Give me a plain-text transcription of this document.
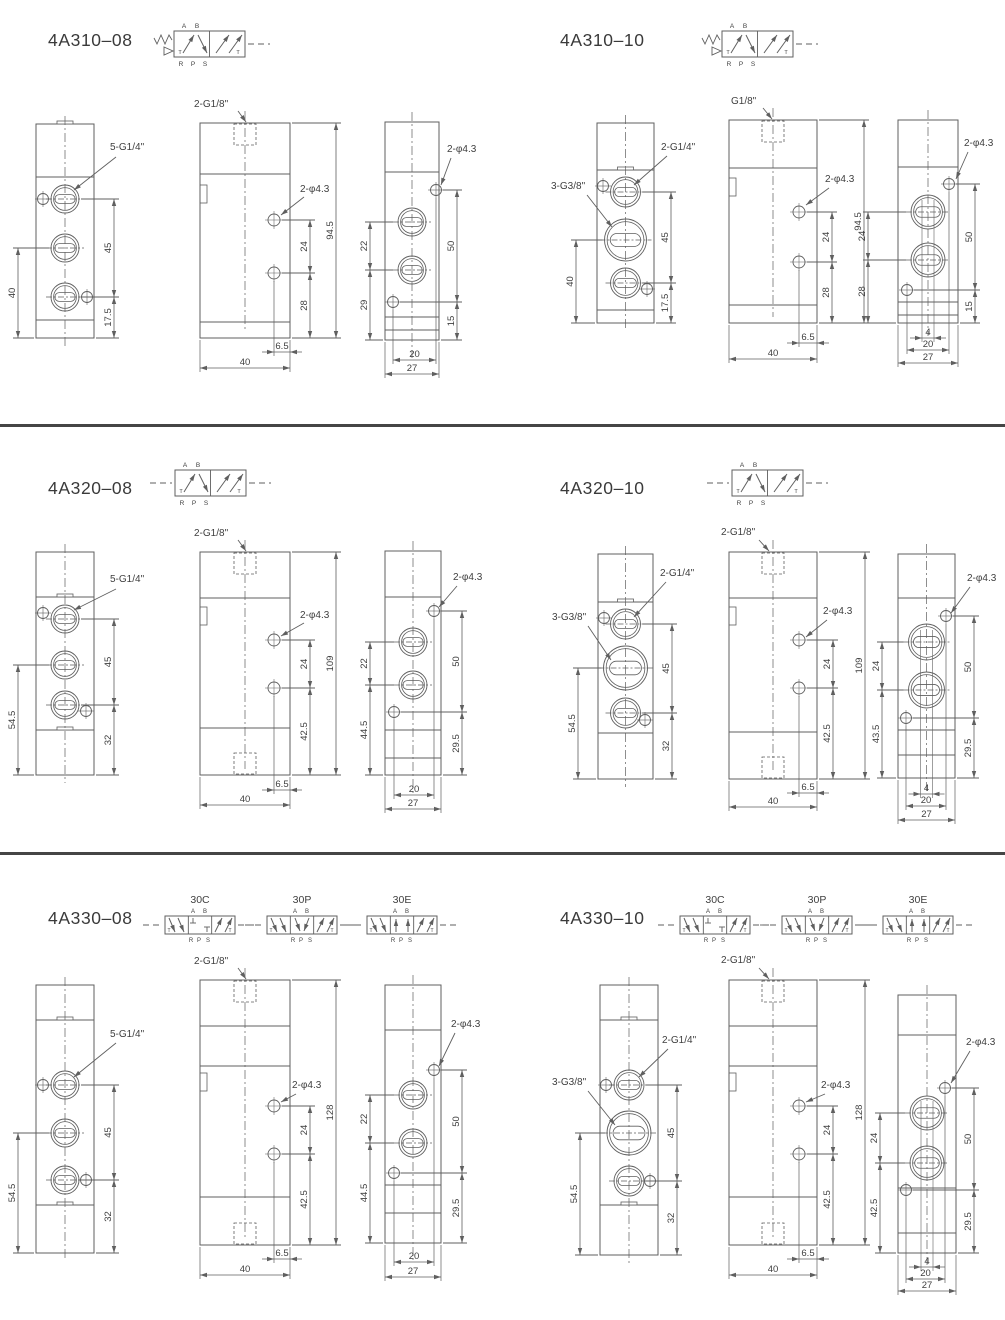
4A310–08	4A310–10
4A320–08	4A320–10
4A330–08	4A330–10
A B
R P S
T	T
5-G1/4"
45
17.5
40
2-G1/8"
2-φ4.3
24
28
94.5
6.5
40
2-φ4.3
50
15
22
29
20
27
A B
R P S
T	T
2-G1/4"
3-G3/8"
45
17.5
40
G1/8"
2-φ4.3
24
28
94.5
6.5
40
2-φ4.3
50
15
24
28
4
20
27
A B
R P S
T	T
5-G1/4"
45
32
54.5
2-G1/8"
2-φ4.3
24
42.5
109
6.5
40
2-φ4.3
50
29.5
22
44.5
20
27
A B
R P S
T	T
2-G1/4"
3-G3/8"
45
32
54.5
2-G1/8"
2-φ4.3
24
42.5
109
6.5
40
2-φ4.3
50
29.5
24
43.5
4
20
27
30C
A B
R P S
T	T
30P
A B
R P S
T	T
30E
A B
R P S
T	T
5-G1/4"
45
32
54.5
2-G1/8"
2-φ4.3
24
42.5
128
6.5
40
2-φ4.3
50
29.5
22
44.5
20
27
30C
A B
R P S
T	T
30P
A B
R P S
T	T
30E
A B
R P S
T	T
2-G1/4"
3-G3/8"
45
32
54.5
2-G1/8"
2-φ4.3
24
42.5
128
6.5
40
2-φ4.3
50
29.5
24
42.5
4
20
27
